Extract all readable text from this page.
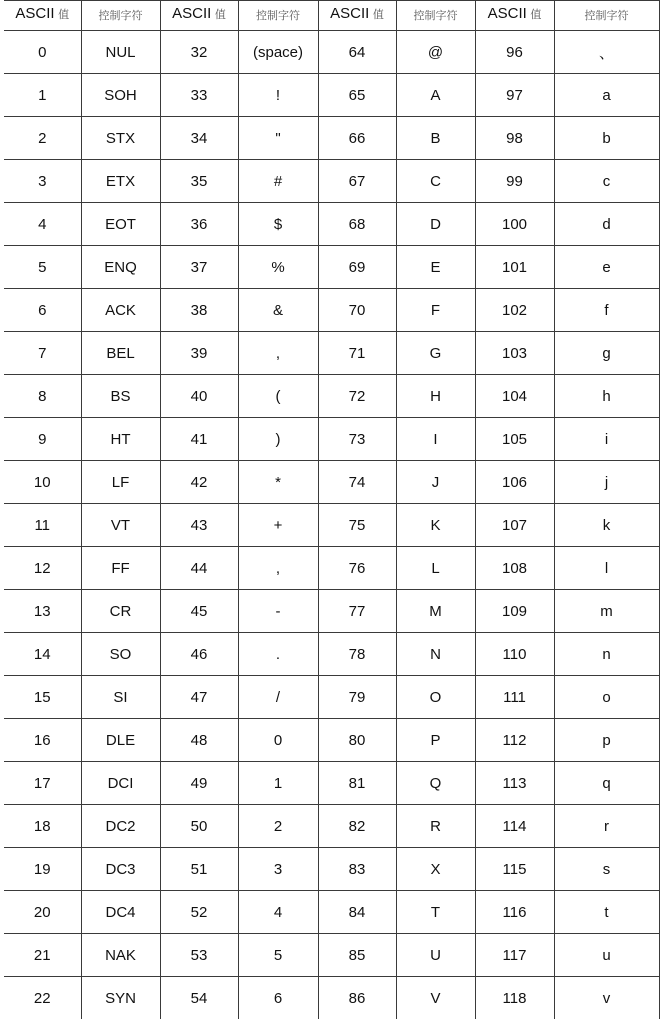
ASCII 值	控制字符	ASCII 值	控制字符	ASCII 值	控制字符	ASCII 值	控制字符
0	NUL	32	(space)	64	@	96	、
1	SOH	33	!	65	A	97	a
2	STX	34	"	66	B	98	b
3	ETX	35	#	67	C	99	c
4	EOT	36	$	68	D	100	d
5	ENQ	37	%	69	E	101	e
6	ACK	38	&	70	F	102	f
7	BEL	39	,	71	G	103	g
8	BS	40	(	72	H	104	h
9	HT	41	)	73	I	105	i
10	LF	42	*	74	J	106	j
11	VT	43	+	75	K	107	k
12	FF	44	,	76	L	108	l
13	CR	45	-	77	M	109	m
14	SO	46	.	78	N	110	n
15	SI	47	/	79	O	111	o
16	DLE	48	0	80	P	112	p
17	DCI	49	1	81	Q	113	q
18	DC2	50	2	82	R	114	r
19	DC3	51	3	83	X	115	s
20	DC4	52	4	84	T	116	t
21	NAK	53	5	85	U	117	u
22	SYN	54	6	86	V	118	v
